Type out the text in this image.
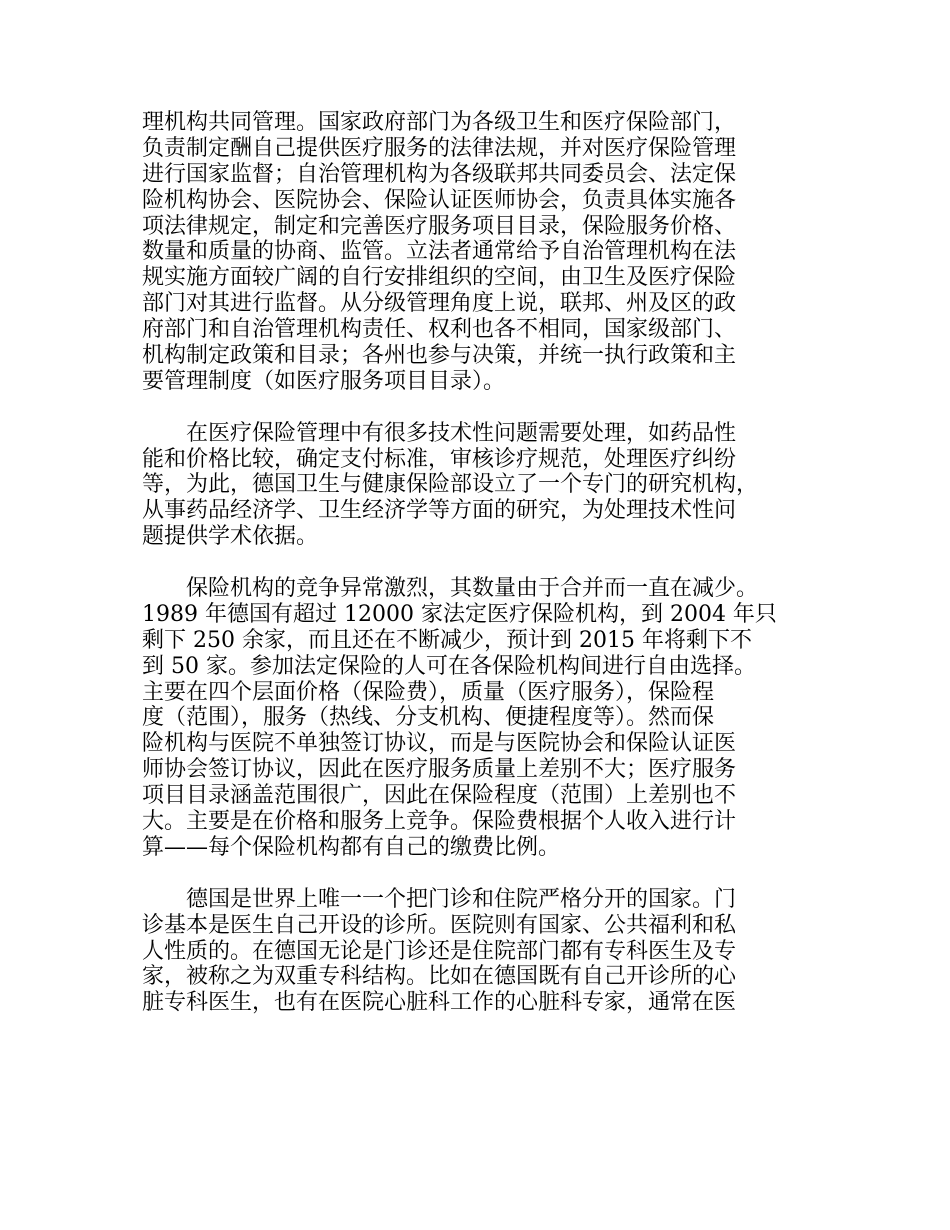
理机构共同管理。国家政府部门为各级卫生和医疗保险部门，
负责制定酬自己提供医疗服务的法律法规，并对医疗保险管理
进行国家监督；自治管理机构为各级联邦共同委员会、法定保
险机构协会、医院协会、保险认证医师协会，负责具体实施各
项法律规定，制定和完善医疗服务项目目录，保险服务价格、
数量和质量的协商、监管。立法者通常给予自治管理机构在法
规实施方面较广阔的自行安排组织的空间，由卫生及医疗保险
部门对其进行监督。从分级管理角度上说，联邦、州及区的政
府部门和自治管理机构责任、权利也各不相同，国家级部门、
机构制定政策和目录；各州也参与决策，并统一执行政策和主
要管理制度（如医疗服务项目目录）。
　　在医疗保险管理中有很多技术性问题需要处理，如药品性
能和价格比较，确定支付标准，审核诊疗规范，处理医疗纠纷
等，为此，德国卫生与健康保险部设立了一个专门的研究机构，
从事药品经济学、卫生经济学等方面的研究，为处理技术性问
题提供学术依据。
　　保险机构的竞争异常激烈，其数量由于合并而一直在减少。
1989 年德国有超过 12000 家法定医疗保险机构，到 2004 年只
剩下 250 余家，而且还在不断减少，预计到 2015 年将剩下不
到 50 家。参加法定保险的人可在各保险机构间进行自由选择。
主要在四个层面价格（保险费），质量（医疗服务），保险程
度（范围），服务（热线、分支机构、便捷程度等）。然而保
险机构与医院不单独签订协议，而是与医院协会和保险认证医
师协会签订协议，因此在医疗服务质量上差别不大；医疗服务
项目目录涵盖范围很广，因此在保险程度（范围）上差别也不
大。主要是在价格和服务上竞争。保险费根据个人收入进行计
算——每个保险机构都有自己的缴费比例。
　　德国是世界上唯一一个把门诊和住院严格分开的国家。门
诊基本是医生自己开设的诊所。医院则有国家、公共福利和私
人性质的。在德国无论是门诊还是住院部门都有专科医生及专
家，被称之为双重专科结构。比如在德国既有自己开诊所的心
脏专科医生，也有在医院心脏科工作的心脏科专家，通常在医
